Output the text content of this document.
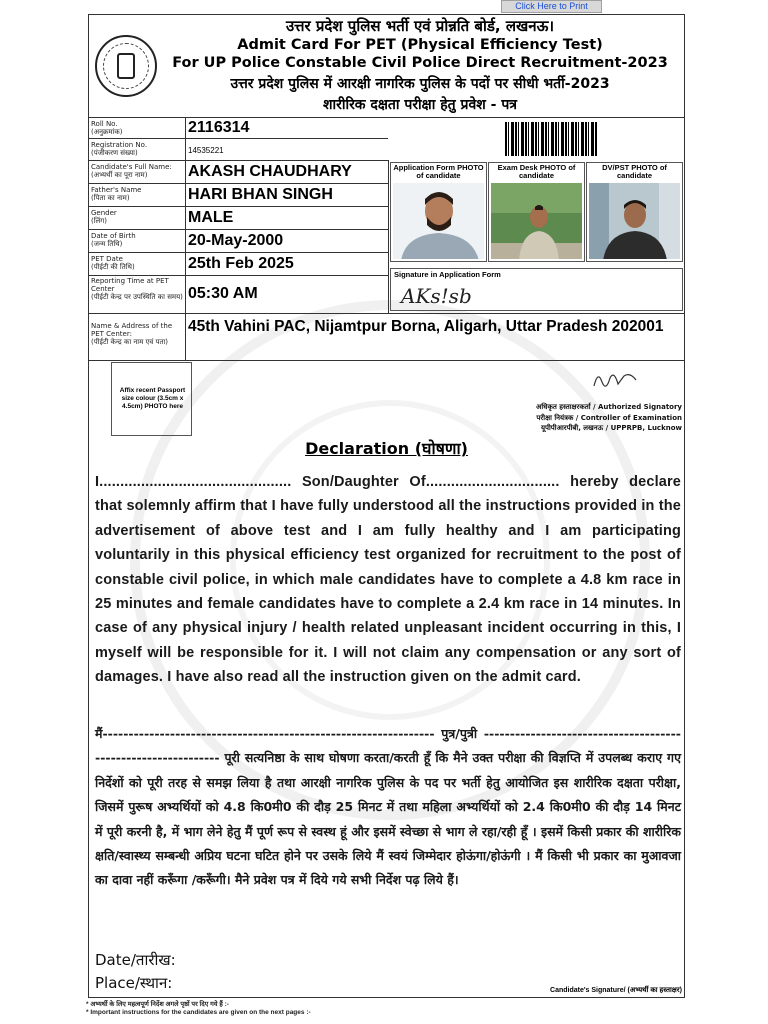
Click Here to Print
उत्तर प्रदेश पुलिस भर्ती एवं प्रोन्नति बोर्ड, लखनऊ।
Admit Card For PET (Physical Efficiency Test)
For UP Police Constable Civil Police Direct Recruitment-2023
उत्तर प्रदेश पुलिस में आरक्षी नागरिक पुलिस के पदों पर सीधी भर्ती-2023
शारीरिक दक्षता परीक्षा हेतु प्रवेश - पत्र
Roll No.
(अनुक्रमांक)
Registration No.
(पंजीकरण संख्या)
Candidate's Full Name:
(अभ्यर्थी का पूरा नाम)
Father's Name
(पिता का नाम)
Gender
(लिंग)
Date of Birth
(जन्म तिथि)
PET Date
(पीईटी की तिथि)
Reporting Time at PET Center
(पीईटी केन्द्र पर उपस्थिति का समय)
Name & Address of the PET Center:
(पीईटी केन्द्र का नाम एवं पता)
2116314
14535221
AKASH CHAUDHARY
HARI BHAN SINGH
MALE
20-May-2000
25th Feb 2025
05:30 AM
45th Vahini PAC, Nijamtpur Borna, Aligarh, Uttar Pradesh 202001
Application Form PHOTO of candidate
Exam Desk PHOTO of candidate
DV/PST PHOTO of candidate
Signature in Application Form
AKs!sb
Affix recent Passport size colour (3.5cm x 4.5cm) PHOTO here	अधिकृत हस्ताक्षरकर्ता / Authorized Signatory
परीक्षा नियंत्रक / Controller of Examination
यूपीपीआरपीबी, लखनऊ / UPPRPB, Lucknow
Declaration (घोषणा)
I.............................................. Son/Daughter Of................................ hereby declare that solemnly affirm that I have fully understood all the instructions provided in the advertisement of above test and I am fully healthy and I am participating voluntarily in this physical efficiency test organized for recruitment to the post of constable civil police, in which male candidates have to complete a 4.8 km race in 25 minutes and female candidates have to complete a 2.4 km race in 14 minutes. In case of any physical injury / health related unpleasant incident occurring in this, I myself will be responsible for it. I will not claim any compensation or any sort of damages. I have also read all the instruction given on the admit card.
मैं---------------------------------------------------------------- पुत्र/पुत्री -------------------------------------------------------------- पूरी सत्यनिष्ठा के साथ घोषणा करता/करती हूँ कि मैने उक्त परीक्षा की विज्ञप्ति में उपलब्ध कराए गए निर्देशों को पूरी तरह से समझ लिया है तथा आरक्षी नागरिक पुलिस के पद पर भर्ती हेतु आयोजित इस शारीरिक दक्षता परीक्षा, जिसमें पुरूष अभ्यर्थियों को 4.8 कि0मी0 की दौड़ 25 मिनट में तथा महिला अभ्यर्थियों को 2.4 कि0मी0 की दौड़ 14 मिनट में पूरी करनी है, में भाग लेने हेतु मैं पूर्ण रूप से स्वस्थ हूं और इसमें स्वेच्छा से भाग ले रहा/रही हूँ । इसमें किसी प्रकार की शारीरिक क्षति/स्वास्थ्य सम्बन्धी अप्रिय घटना घटित होने पर उसके लिये मैं स्वयं जिम्मेदार होऊंगा/होऊंगी । मैं किसी भी प्रकार का मुआवजा का दावा नहीं करूँगा /करूँगी। मैने प्रवेश पत्र में दिये गये सभी निर्देश पढ़ लिये हैं।
Date/तारीख:
Place/स्थान:	Candidate's Signature/ (अभ्यर्थी का हस्ताक्षर)
* अभ्यर्थी के लिए महत्वपूर्ण निर्देश अगले पृष्ठों पर दिए गये हैं :-
* Important instructions for the candidates are given on the next pages :-
